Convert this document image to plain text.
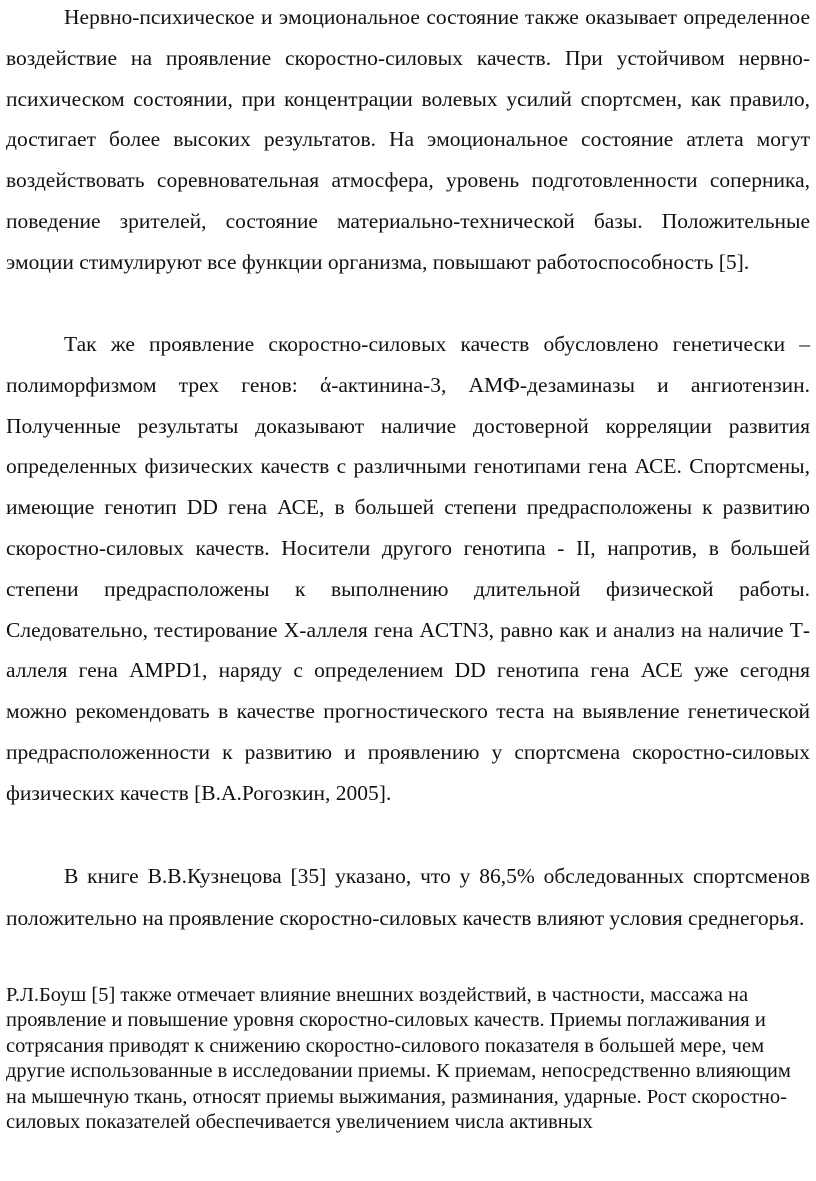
Нервно-психическое и эмоциональное состояние также оказывает определенное воздействие на проявление скоростно-силовых качеств. При устойчивом нервно-психическом состоянии, при концентрации волевых усилий спортсмен, как правило, достигает более высоких результатов. На эмоциональное состояние атлета могут воздействовать соревновательная атмосфера, уровень подготовленности соперника, поведение зрителей, состояние материально-технической базы. Положительные эмоции стимулируют все функции организма, повышают работоспособность [5].

Так же проявление скоростно-силовых качеств обусловлено генетически – полиморфизмом трех генов: ά-актинина-3, АМФ-дезаминазы и ангиотензин. Полученные результаты доказывают наличие достоверной корреляции развития определенных физических качеств с различными генотипами гена АСЕ. Спортсмены, имеющие генотип DD гена АСЕ, в большей степени предрасположены к развитию скоростно-силовых качеств. Носители другого генотипа - II, напротив, в большей степени предрасположены к выполнению длительной физической работы. Следовательно, тестирование Х-аллеля гена ACTN3, равно как и анализ на наличие Т-аллеля гена AMPD1, наряду с определением DD генотипа гена АСЕ уже сегодня можно рекомендовать в качестве прогностического теста на выявление генетической предрасположенности к развитию и проявлению у спортсмена скоростно-силовых физических качеств [В.А.Рогозкин, 2005].

В книге В.В.Кузнецова [35] указано, что у 86,5% обследованных спортсменов положительно на проявление скоростно-силовых качеств влияют условия среднегорья.

Р.Л.Боуш [5] также отмечает влияние внешних воздействий, в частности, массажа на проявление и повышение уровня скоростно-силовых качеств. Приемы поглаживания и сотрясания приводят к снижению скоростно-силового показателя в большей мере, чем другие использованные в исследовании приемы. К приемам, непосредственно влияющим на мышечную ткань, относят приемы выжимания, разминания, ударные. Рост скоростно-силовых показателей обеспечивается увеличением числа активных
